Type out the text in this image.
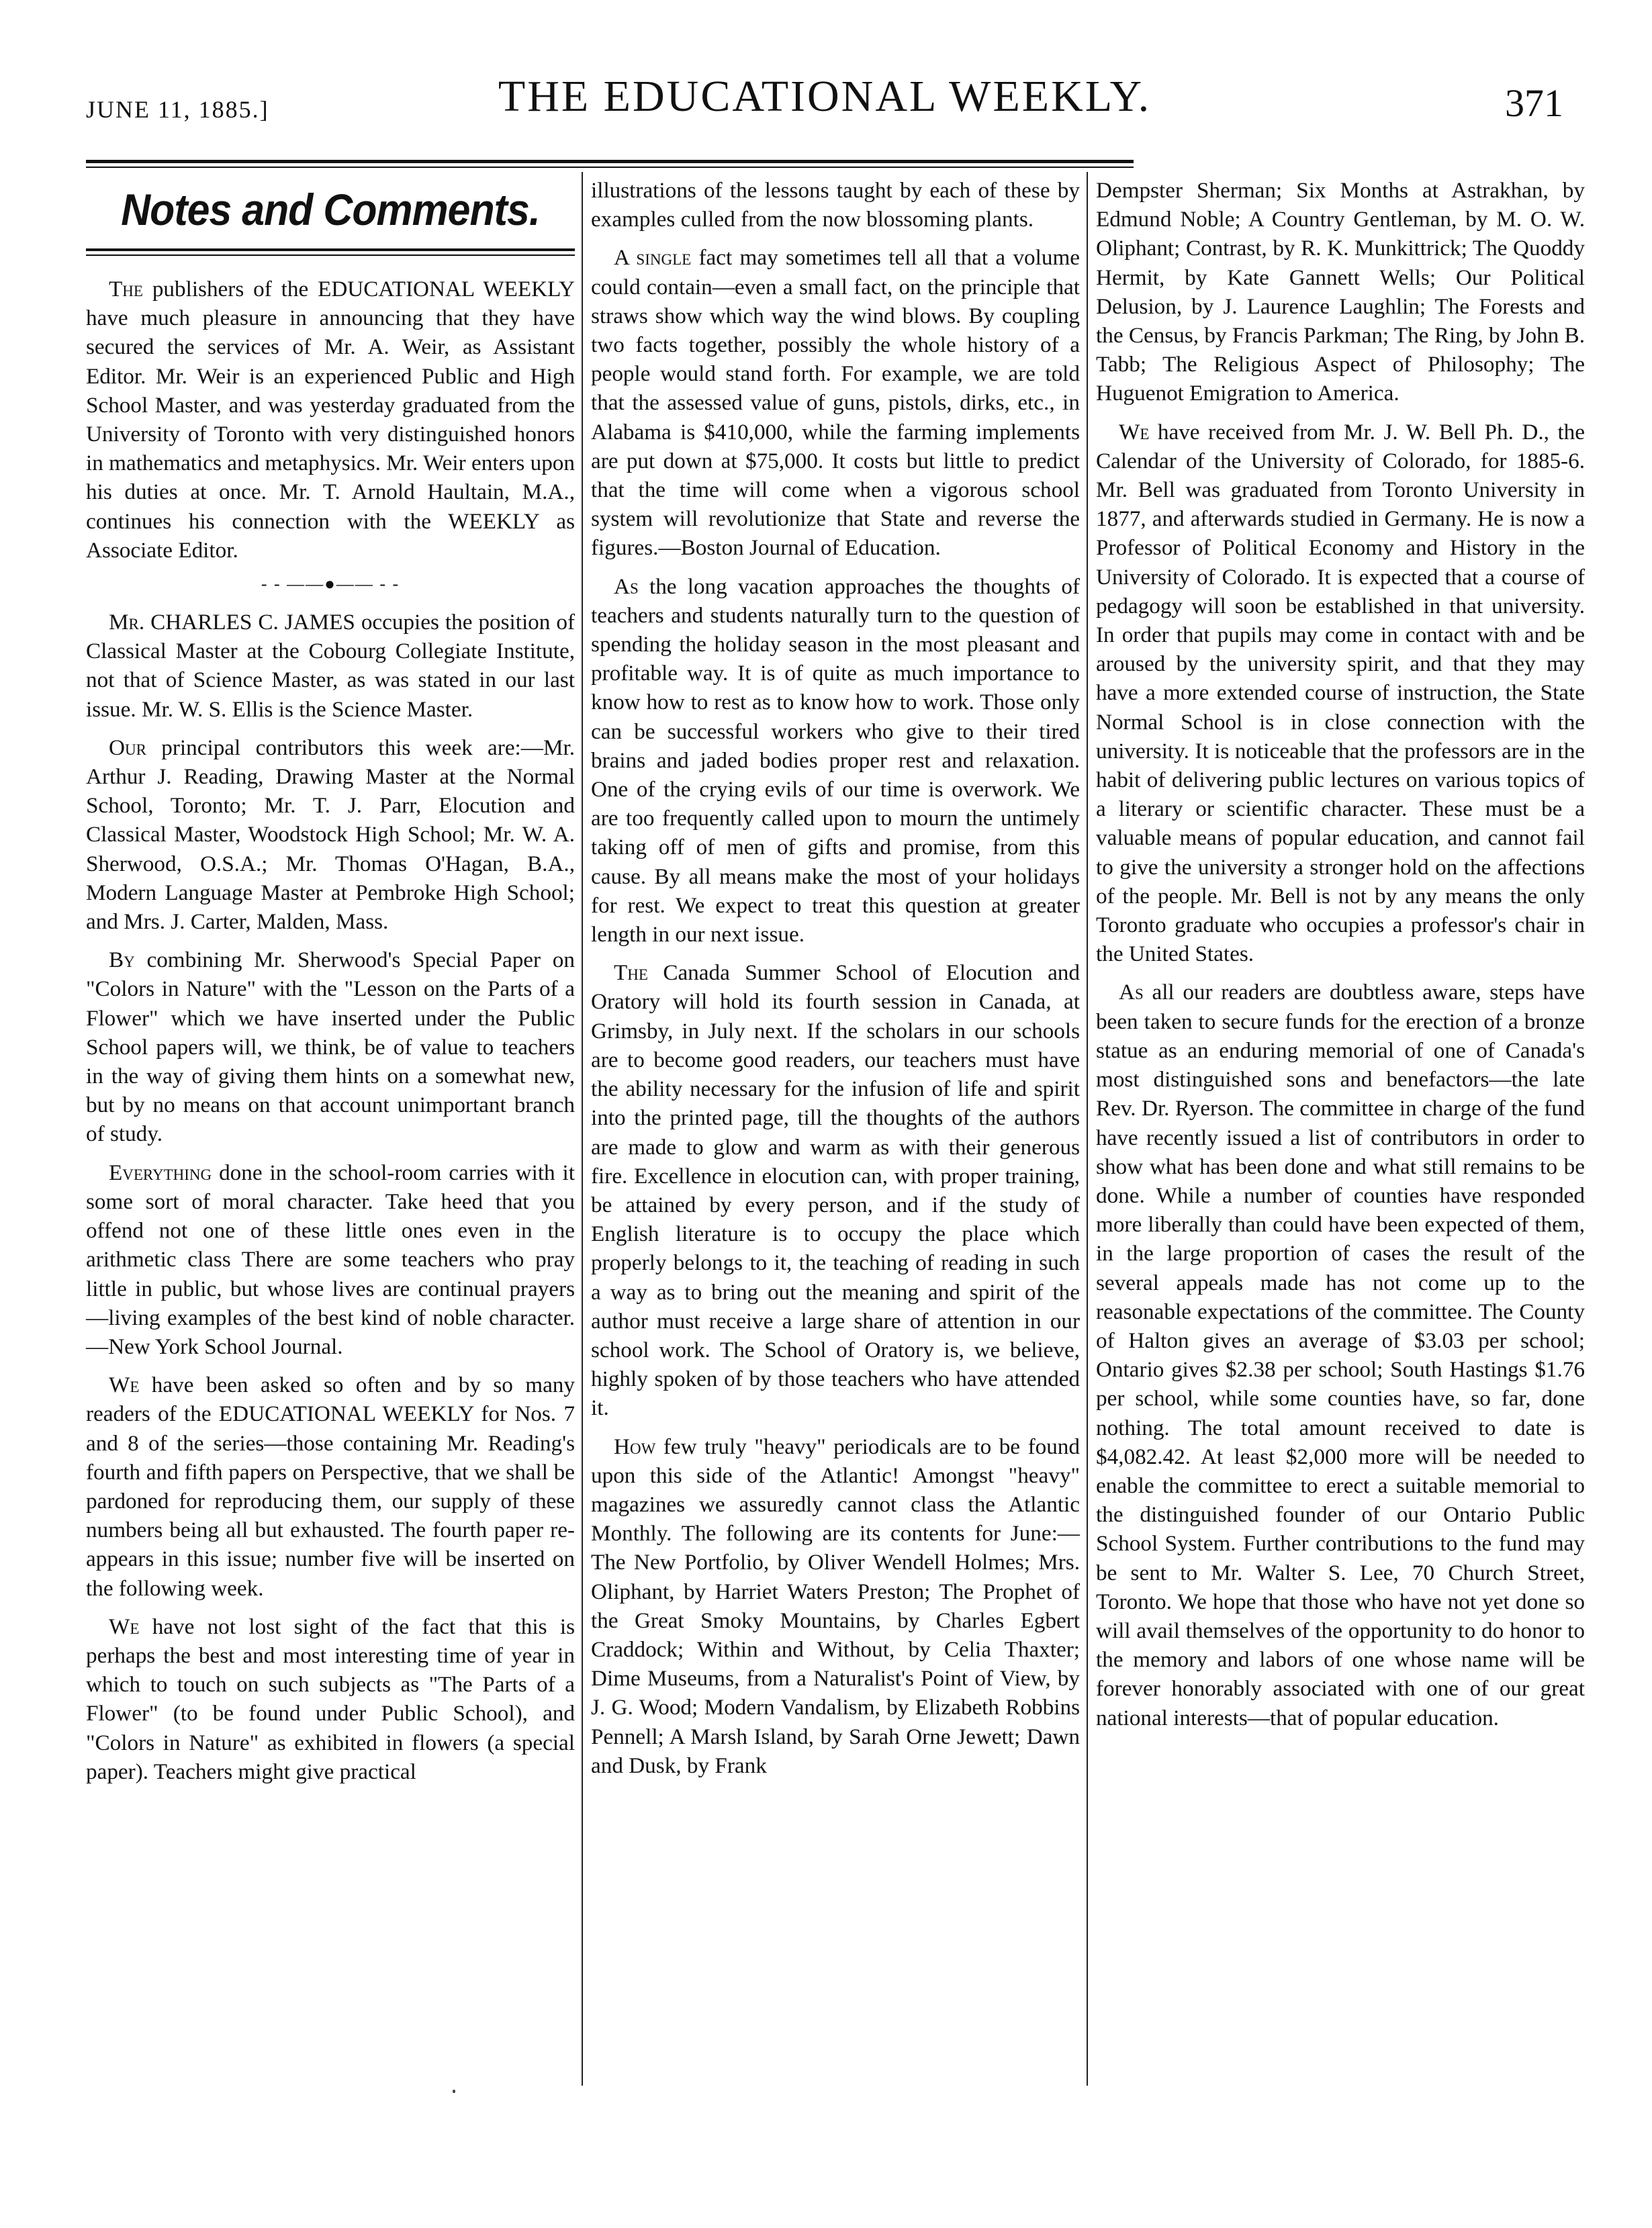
JUNE 11, 1885.]	THE EDUCATIONAL WEEKLY.	371
Notes and Comments.

The publishers of the EDUCATIONAL WEEKLY have much pleasure in announcing that they have secured the services of Mr. A. Weir, as Assistant Editor. Mr. Weir is an experienced Public and High School Master, and was yesterday graduated from the University of Toronto with very distinguished honors in mathematics and metaphysics. Mr. Weir enters upon his duties at once. Mr. T. Arnold Haultain, M.A., continues his connection with the WEEKLY as Associate Editor.

- - ——●—— - -

Mr. CHARLES C. JAMES occupies the position of Classical Master at the Cobourg Collegiate Institute, not that of Science Master, as was stated in our last issue. Mr. W. S. Ellis is the Science Master.

Our principal contributors this week are:—Mr. Arthur J. Reading, Drawing Master at the Normal School, Toronto; Mr. T. J. Parr, Elocution and Classical Master, Woodstock High School; Mr. W. A. Sherwood, O.S.A.; Mr. Thomas O'Hagan, B.A., Modern Language Master at Pembroke High School; and Mrs. J. Carter, Malden, Mass.

By combining Mr. Sherwood's Special Paper on "Colors in Nature" with the "Lesson on the Parts of a Flower" which we have inserted under the Public School papers will, we think, be of value to teachers in the way of giving them hints on a somewhat new, but by no means on that account unimportant branch of study.

Everything done in the school-room carries with it some sort of moral character. Take heed that you offend not one of these little ones even in the arithmetic class There are some teachers who pray little in public, but whose lives are continual prayers—living examples of the best kind of noble character.—New York School Journal.

We have been asked so often and by so many readers of the EDUCATIONAL WEEKLY for Nos. 7 and 8 of the series—those containing Mr. Reading's fourth and fifth papers on Perspective, that we shall be pardoned for reproducing them, our supply of these numbers being all but exhausted. The fourth paper re-appears in this issue; number five will be inserted on the following week.

We have not lost sight of the fact that this is perhaps the best and most interesting time of year in which to touch on such subjects as "The Parts of a Flower" (to be found under Public School), and "Colors in Nature" as exhibited in flowers (a special paper). Teachers might give practical

illustrations of the lessons taught by each of these by examples culled from the now blossoming plants.

A single fact may sometimes tell all that a volume could contain—even a small fact, on the principle that straws show which way the wind blows. By coupling two facts together, possibly the whole history of a people would stand forth. For example, we are told that the assessed value of guns, pistols, dirks, etc., in Alabama is $410,000, while the farming implements are put down at $75,000. It costs but little to predict that the time will come when a vigorous school system will revolutionize that State and reverse the figures.—Boston Journal of Education.

As the long vacation approaches the thoughts of teachers and students naturally turn to the question of spending the holiday season in the most pleasant and profitable way. It is of quite as much importance to know how to rest as to know how to work. Those only can be successful workers who give to their tired brains and jaded bodies proper rest and relaxation. One of the crying evils of our time is overwork. We are too frequently called upon to mourn the untimely taking off of men of gifts and promise, from this cause. By all means make the most of your holidays for rest. We expect to treat this question at greater length in our next issue.

The Canada Summer School of Elocution and Oratory will hold its fourth session in Canada, at Grimsby, in July next. If the scholars in our schools are to become good readers, our teachers must have the ability necessary for the infusion of life and spirit into the printed page, till the thoughts of the authors are made to glow and warm as with their generous fire. Excellence in elocution can, with proper training, be attained by every person, and if the study of English literature is to occupy the place which properly belongs to it, the teaching of reading in such a way as to bring out the meaning and spirit of the author must receive a large share of attention in our school work. The School of Oratory is, we believe, highly spoken of by those teachers who have attended it.

How few truly "heavy" periodicals are to be found upon this side of the Atlantic! Amongst "heavy" magazines we assuredly cannot class the Atlantic Monthly. The following are its contents for June:—The New Portfolio, by Oliver Wendell Holmes; Mrs. Oliphant, by Harriet Waters Preston; The Prophet of the Great Smoky Mountains, by Charles Egbert Craddock; Within and Without, by Celia Thaxter; Dime Museums, from a Naturalist's Point of View, by J. G. Wood; Modern Vandalism, by Elizabeth Robbins Pennell; A Marsh Island, by Sarah Orne Jewett; Dawn and Dusk, by Frank

Dempster Sherman; Six Months at Astrakhan, by Edmund Noble; A Country Gentleman, by M. O. W. Oliphant; Contrast, by R. K. Munkittrick; The Quoddy Hermit, by Kate Gannett Wells; Our Political Delusion, by J. Laurence Laughlin; The Forests and the Census, by Francis Parkman; The Ring, by John B. Tabb; The Religious Aspect of Philosophy; The Huguenot Emigration to America.

We have received from Mr. J. W. Bell Ph. D., the Calendar of the University of Colorado, for 1885-6. Mr. Bell was graduated from Toronto University in 1877, and afterwards studied in Germany. He is now a Professor of Political Economy and History in the University of Colorado. It is expected that a course of pedagogy will soon be established in that university. In order that pupils may come in contact with and be aroused by the university spirit, and that they may have a more extended course of instruction, the State Normal School is in close connection with the university. It is noticeable that the professors are in the habit of delivering public lectures on various topics of a literary or scientific character. These must be a valuable means of popular education, and cannot fail to give the university a stronger hold on the affections of the people. Mr. Bell is not by any means the only Toronto graduate who occupies a professor's chair in the United States.

As all our readers are doubtless aware, steps have been taken to secure funds for the erection of a bronze statue as an enduring memorial of one of Canada's most distinguished sons and benefactors—the late Rev. Dr. Ryerson. The committee in charge of the fund have recently issued a list of contributors in order to show what has been done and what still remains to be done. While a number of counties have responded more liberally than could have been expected of them, in the large proportion of cases the result of the several appeals made has not come up to the reasonable expectations of the committee. The County of Halton gives an average of $3.03 per school; Ontario gives $2.38 per school; South Hastings $1.76 per school, while some counties have, so far, done nothing. The total amount received to date is $4,082.42. At least $2,000 more will be needed to enable the committee to erect a suitable memorial to the distinguished founder of our Ontario Public School System. Further contributions to the fund may be sent to Mr. Walter S. Lee, 70 Church Street, Toronto. We hope that those who have not yet done so will avail themselves of the opportunity to do honor to the memory and labors of one whose name will be forever honorably associated with one of our great national interests—that of popular education.
